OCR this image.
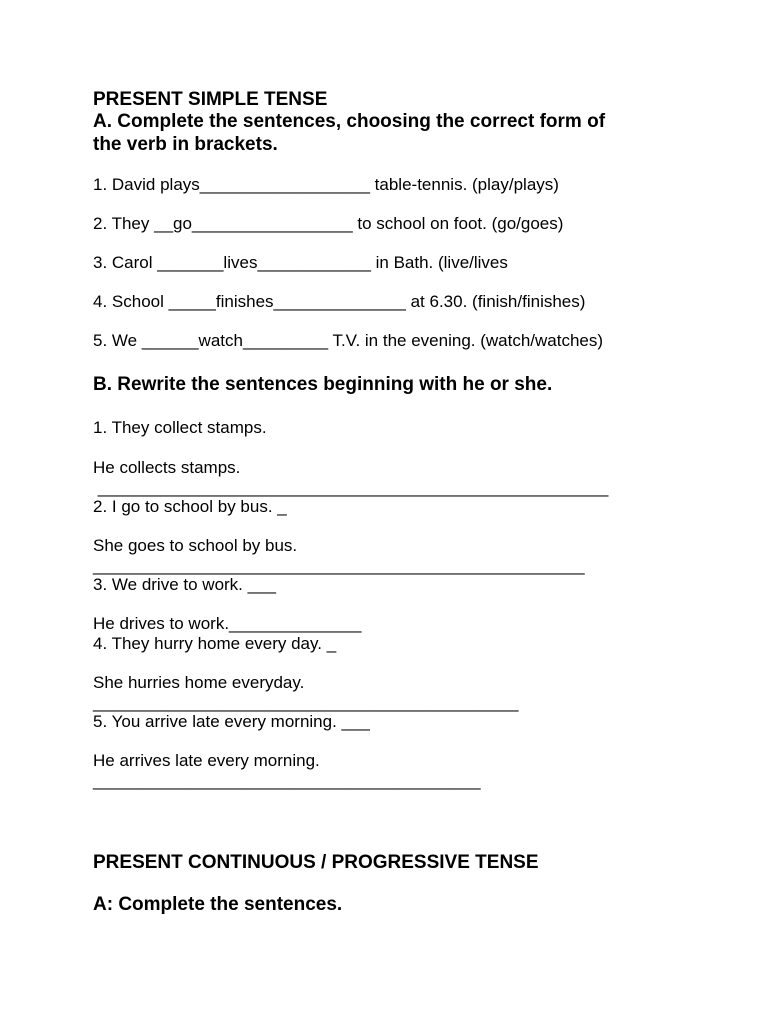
PRESENT SIMPLE TENSE

A. Complete the sentences, choosing the correct form of

the verb in brackets.

1. David plays__________________ table-tennis. (play/plays)

2. They __go_________________ to school on foot. (go/goes)

3. Carol _______lives____________ in Bath. (live/lives

4. School _____finishes______________ at 6.30. (finish/finishes)

5. We ______watch_________ T.V. in the evening. (watch/watches)

B. Rewrite the sentences beginning with he or she.

1. They collect stamps.

He collects stamps.

______________________________________________________

2. I go to school by bus. _

She goes to school by bus.

____________________________________________________

3. We drive to work. ___

He drives to work.______________

4. They hurry home every day. _

She hurries home everyday.

_____________________________________________

5. You arrive late every morning. ___

He arrives late every morning.

_________________________________________

PRESENT CONTINUOUS / PROGRESSIVE TENSE

A: Complete the sentences.
